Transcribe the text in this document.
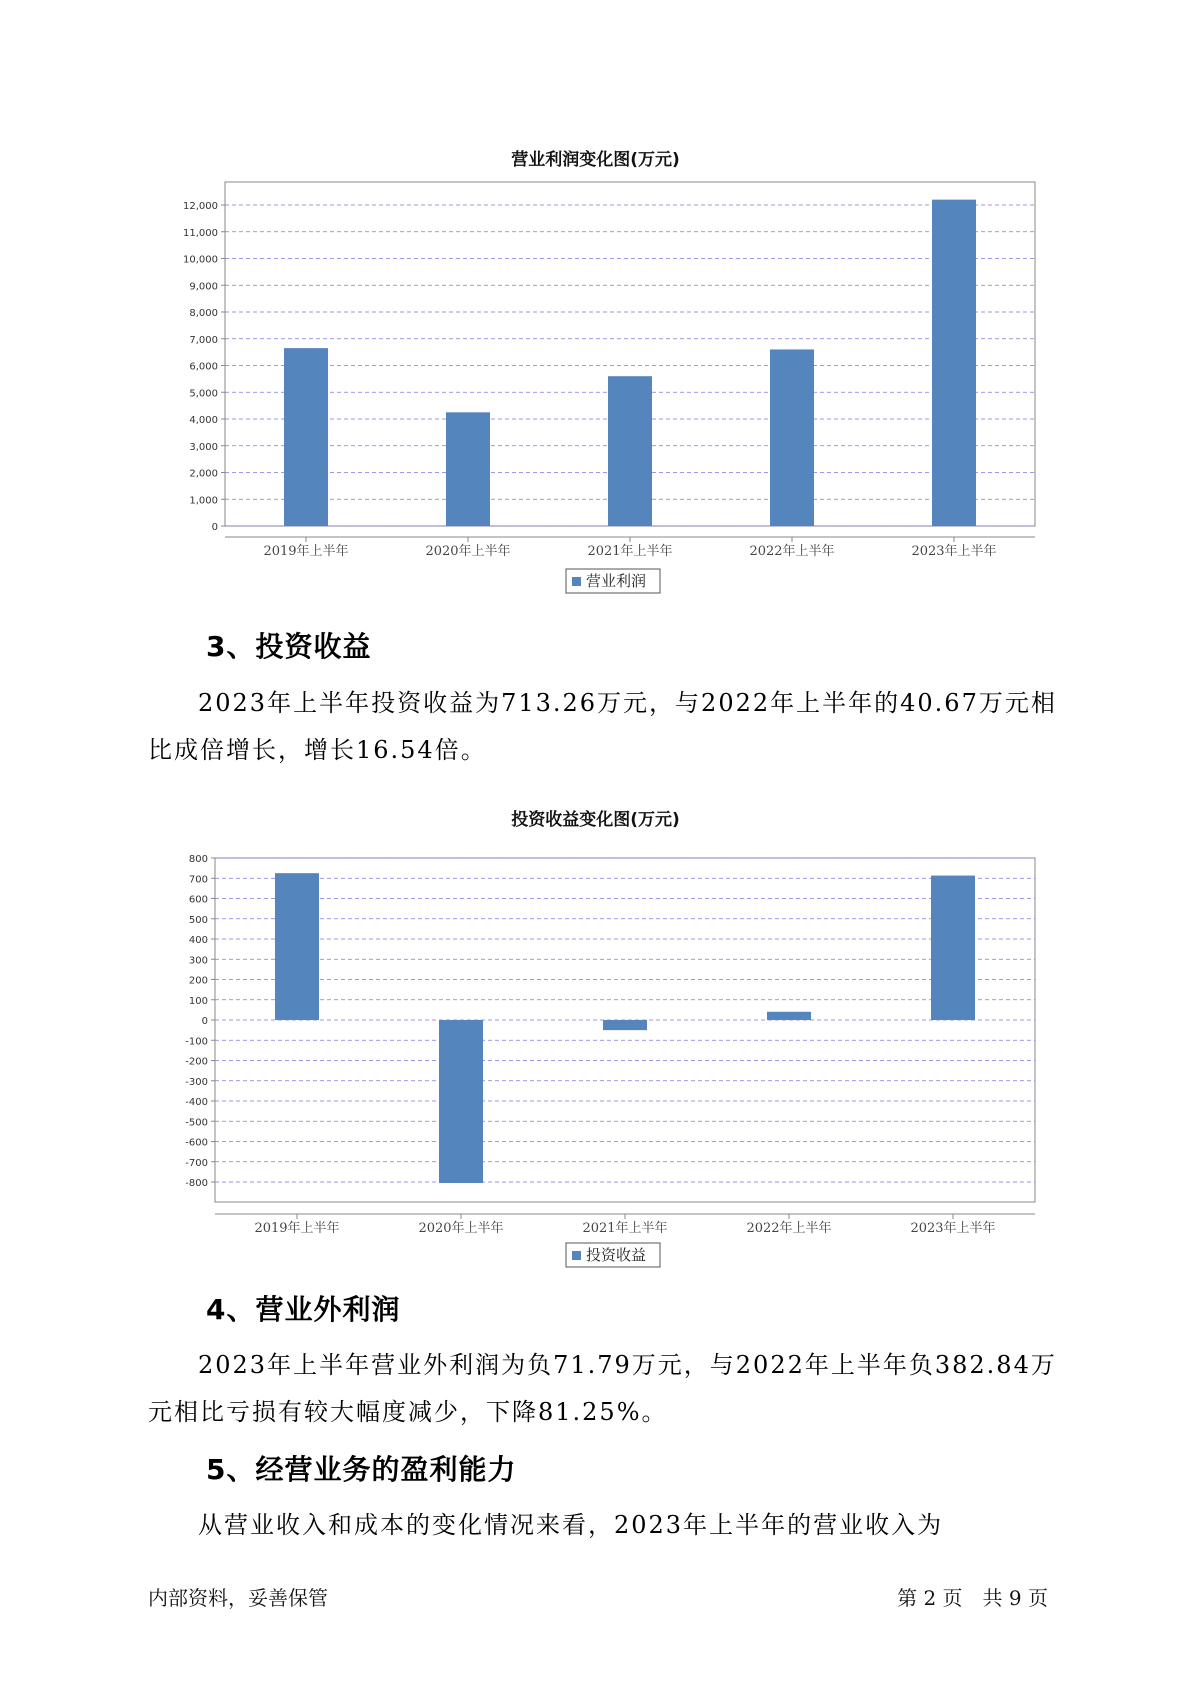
营业利润变化图(万元)
0
1,000
2,000
3,000
4,000
5,000
6,000
7,000
8,000
9,000
10,000
11,000
12,000
2019年上半年	2020年上半年	2021年上半年	2022年上半年	2023年上半年
营业利润
3、投资收益

2023年上半年投资收益为713.26万元，与2022年上半年的40.67万元相比成倍增长，增长16.54倍。

投资收益变化图(万元)
-800
-700
-600
-500
-400
-300
-200
-100
0
100
200
300
400
500
600
700
800
2019年上半年	2020年上半年	2021年上半年	2022年上半年	2023年上半年
投资收益
4、营业外利润

2023年上半年营业外利润为负71.79万元，与2022年上半年负382.84万元相比亏损有较大幅度减少，下降81.25%。

5、经营业务的盈利能力

从营业收入和成本的变化情况来看，2023年上半年的营业收入为

内部资料，妥善保管	第 2 页　共 9 页
